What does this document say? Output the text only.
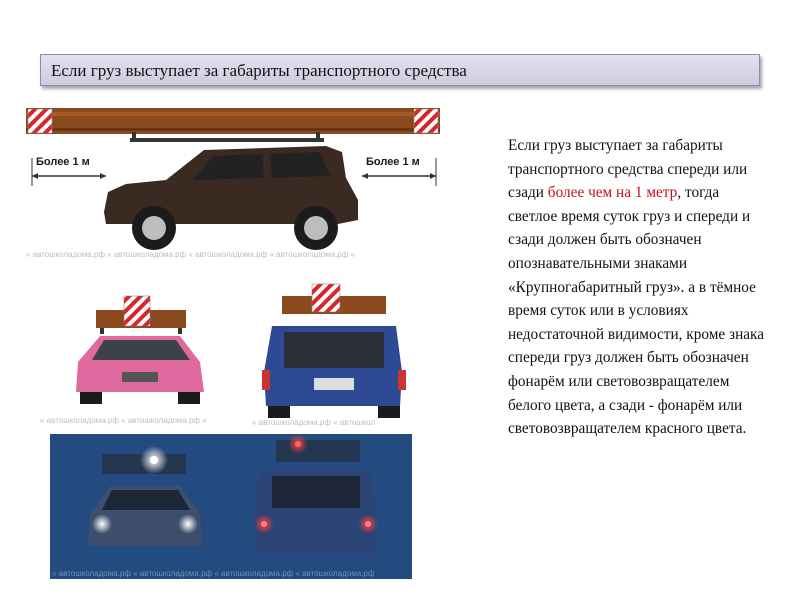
Если груз выступает за габариты транспортного средства
Более 1 м	Более 1 м
« автошколадома.рф « автошколадома.рф « автошколадома.рф « автошколадома.рф «
« автошколадома.рф « автошколадома.рф «	« автошколадома.рф « автошкол
« автошколадома.рф « автошколадома.рф « автошколадома.рф « автошколадома.рф
Если груз выступает за габариты транспортного средства спереди или сзади более чем на 1 метр, тогда светлое время суток груз и спереди и сзади должен быть обозначен опознавательными знаками «Крупногабаритный груз». а в тёмное время суток или в условиях недостаточной видимости, кроме знака спереди груз должен быть обозначен фонарём или световозвращателем белого цвета, а сзади - фонарём или световозвращателем красного цвета.
